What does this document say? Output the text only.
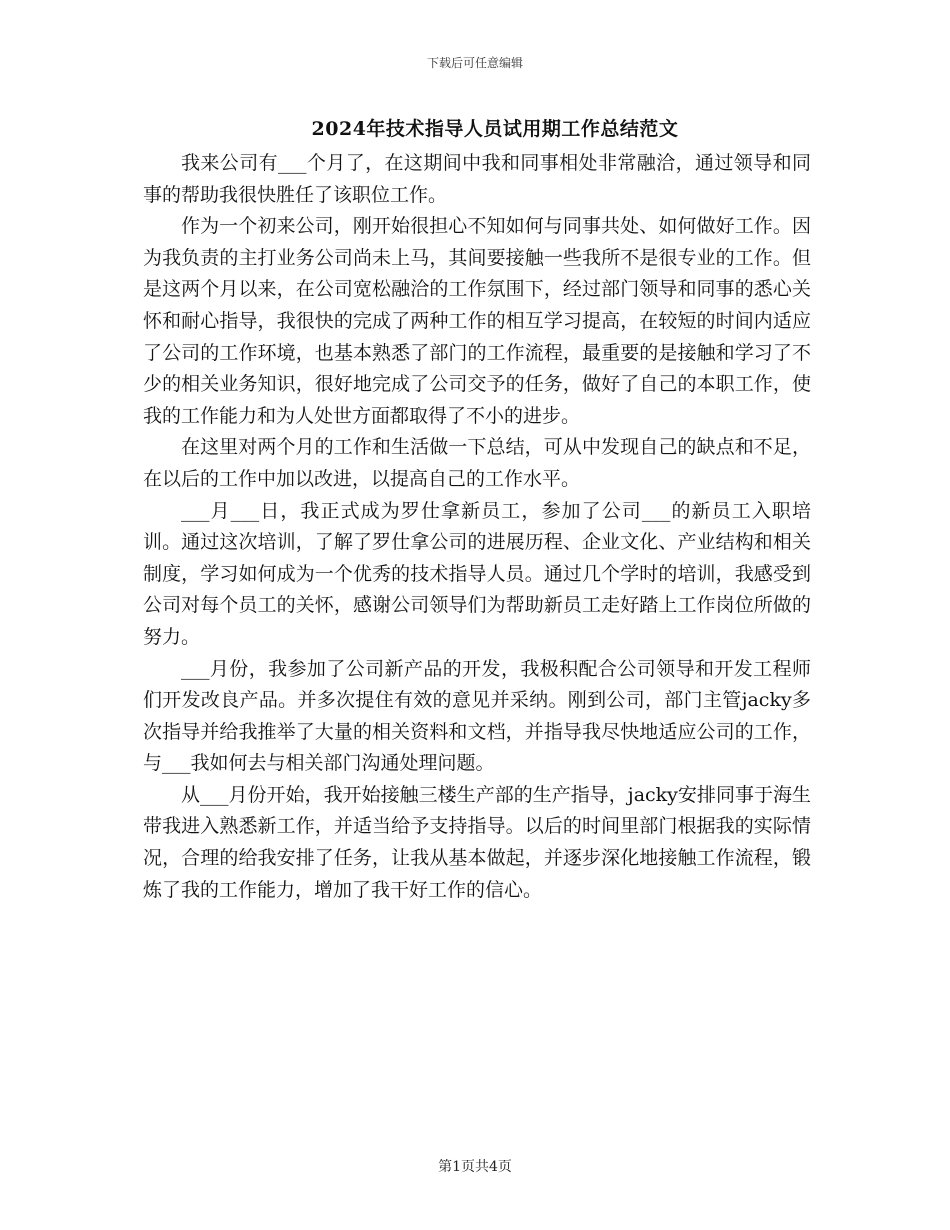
下载后可任意编辑
2024年技术指导人员试用期工作总结范文

我来公司有___个月了，在这期间中我和同事相处非常融洽，通过领导和同事的帮助我很快胜任了该职位工作。

作为一个初来公司，刚开始很担心不知如何与同事共处、如何做好工作。因为我负责的主打业务公司尚未上马，其间要接触一些我所不是很专业的工作。但是这两个月以来，在公司宽松融洽的工作氛围下，经过部门领导和同事的悉心关怀和耐心指导，我很快的完成了两种工作的相互学习提高，在较短的时间内适应了公司的工作环境，也基本熟悉了部门的工作流程，最重要的是接触和学习了不少的相关业务知识，很好地完成了公司交予的任务，做好了自己的本职工作，使我的工作能力和为人处世方面都取得了不小的进步。

在这里对两个月的工作和生活做一下总结，可从中发现自己的缺点和不足，在以后的工作中加以改进，以提高自己的工作水平。

___月___日，我正式成为罗仕拿新员工，参加了公司___的新员工入职培训。通过这次培训，了解了罗仕拿公司的进展历程、企业文化、产业结构和相关制度，学习如何成为一个优秀的技术指导人员。通过几个学时的培训，我感受到公司对每个员工的关怀，感谢公司领导们为帮助新员工走好踏上工作岗位所做的努力。

___月份，我参加了公司新产品的开发，我极积配合公司领导和开发工程师们开发改良产品。并多次提住有效的意见并采纳。刚到公司，部门主管jacky多次指导并给我推举了大量的相关资料和文档，并指导我尽快地适应公司的工作，与___我如何去与相关部门沟通处理问题。

从___月份开始，我开始接触三楼生产部的生产指导，jacky安排同事于海生带我进入熟悉新工作，并适当给予支持指导。以后的时间里部门根据我的实际情况，合理的给我安排了任务，让我从基本做起，并逐步深化地接触工作流程，锻炼了我的工作能力，增加了我干好工作的信心。

第1页共4页
